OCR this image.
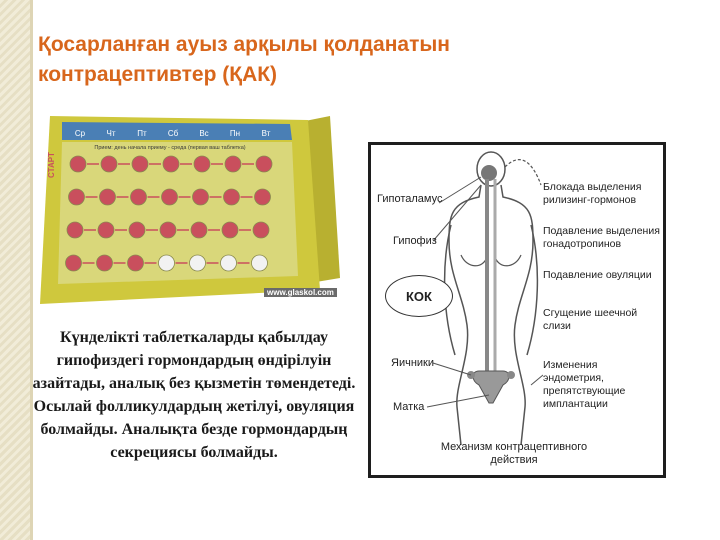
Қосарланған ауыз арқылы қолданатын
контрацептивтер (ҚАК)
Ср	Чт	Пт	Сб	Вс	Пн	Вт
Прием: день начала приему - среда (первая ваш таблетка)
СТАРТ
www.glaskol.com
Күнделікті таблеткаларды қабылдау гипофиздегі гормондардың өндірілуін азайтады, аналық без қызметін төмендетеді. Осылай фолликулдардың жетілуі, овуляция болмайды. Аналықта безде гормондардың секрециясы болмайды.
Гипоталамус
Гипофиз
КОК
Яичники
Матка
Блокада выделения рилизинг-гормонов
Подавление выделения гонадотропинов
Подавление овуляции
Сгущение шеечной слизи
Изменения эндометрия, препятствующие имплантации
Механизм контрацептивного действия
